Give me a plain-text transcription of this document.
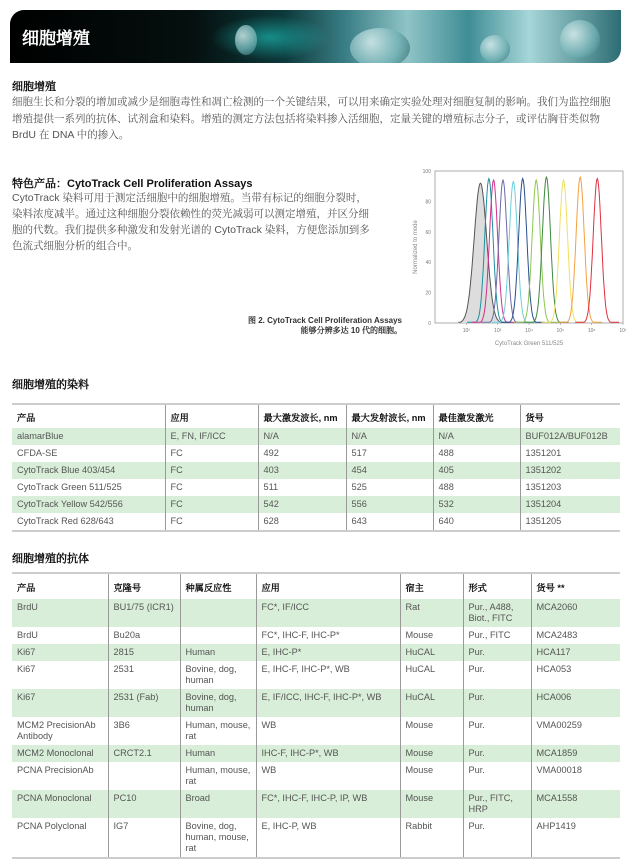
细胞增殖
细胞增殖
细胞生长和分裂的增加或减少是细胞毒性和凋亡检测的一个关键结果，可以用来确定实验处理对细胞复制的影响。我们为监控细胞增殖提供一系列的抗体、试剂盒和染料。增殖的测定方法包括将染料掺入活细胞，定量关键的增殖标志分子，或评估胸苷类似物 BrdU 在 DNA 中的掺入。
特色产品：CytoTrack Cell Proliferation Assays
CytoTrack 染料可用于测定活细胞中的细胞增殖。当带有标记的细胞分裂时，染料浓度减半。通过这种细胞分裂依赖性的荧光减弱可以测定增殖，并区分细胞的代数。我们提供多种激发和发射光谱的 CytoTrack 染料，方便您添加到多色流式细胞分析的组合中。
0
20
40
60
80
100
10²	10³	10⁴	10⁵	10⁶	10⁷
CytoTrack Green 511/525
Normalized to mode
图 2. CytoTrack Cell Proliferation Assays
能够分辨多达 10 代的细胞。
细胞增殖的染料
产品	应用	最大激发波长, nm	最大发射波长, nm	最佳激发激光	货号
alamarBlue	E, FN, IF/ICC	N/A	N/A	N/A	BUF012A/BUF012B
CFDA-SE	FC	492	517	488	1351201
CytoTrack Blue 403/454	FC	403	454	405	1351202
CytoTrack Green 511/525	FC	511	525	488	1351203
CytoTrack Yellow 542/556	FC	542	556	532	1351204
CytoTrack Red 628/643	FC	628	643	640	1351205
细胞增殖的抗体
产品	克隆号	种属反应性	应用	宿主	形式	货号 **
BrdU	BU1/75 (ICR1)		FC*, IF/ICC	Rat	Pur., A488, Biot., FITC	MCA2060
BrdU	Bu20a		FC*, IHC-F, IHC-P*	Mouse	Pur., FITC	MCA2483
Ki67	2815	Human	E, IHC-P*	HuCAL	Pur.	HCA117
Ki67	2531	Bovine, dog, human	E, IHC-F, IHC-P*, WB	HuCAL	Pur.	HCA053
Ki67	2531 (Fab)	Bovine, dog, human	E, IF/ICC, IHC-F, IHC-P*, WB	HuCAL	Pur.	HCA006
MCM2 PrecisionAb Antibody	3B6	Human, mouse, rat	WB	Mouse	Pur.	VMA00259
MCM2 Monoclonal	CRCT2.1	Human	IHC-F, IHC-P*, WB	Mouse	Pur.	MCA1859
PCNA PrecisionAb		Human, mouse, rat	WB	Mouse	Pur.	VMA00018
PCNA Monoclonal	PC10	Broad	FC*, IHC-F, IHC-P, IP, WB	Mouse	Pur., FITC, HRP	MCA1558
PCNA Polyclonal	IG7	Bovine, dog, human, mouse, rat	E, IHC-P, WB	Rabbit	Pur.	AHP1419
